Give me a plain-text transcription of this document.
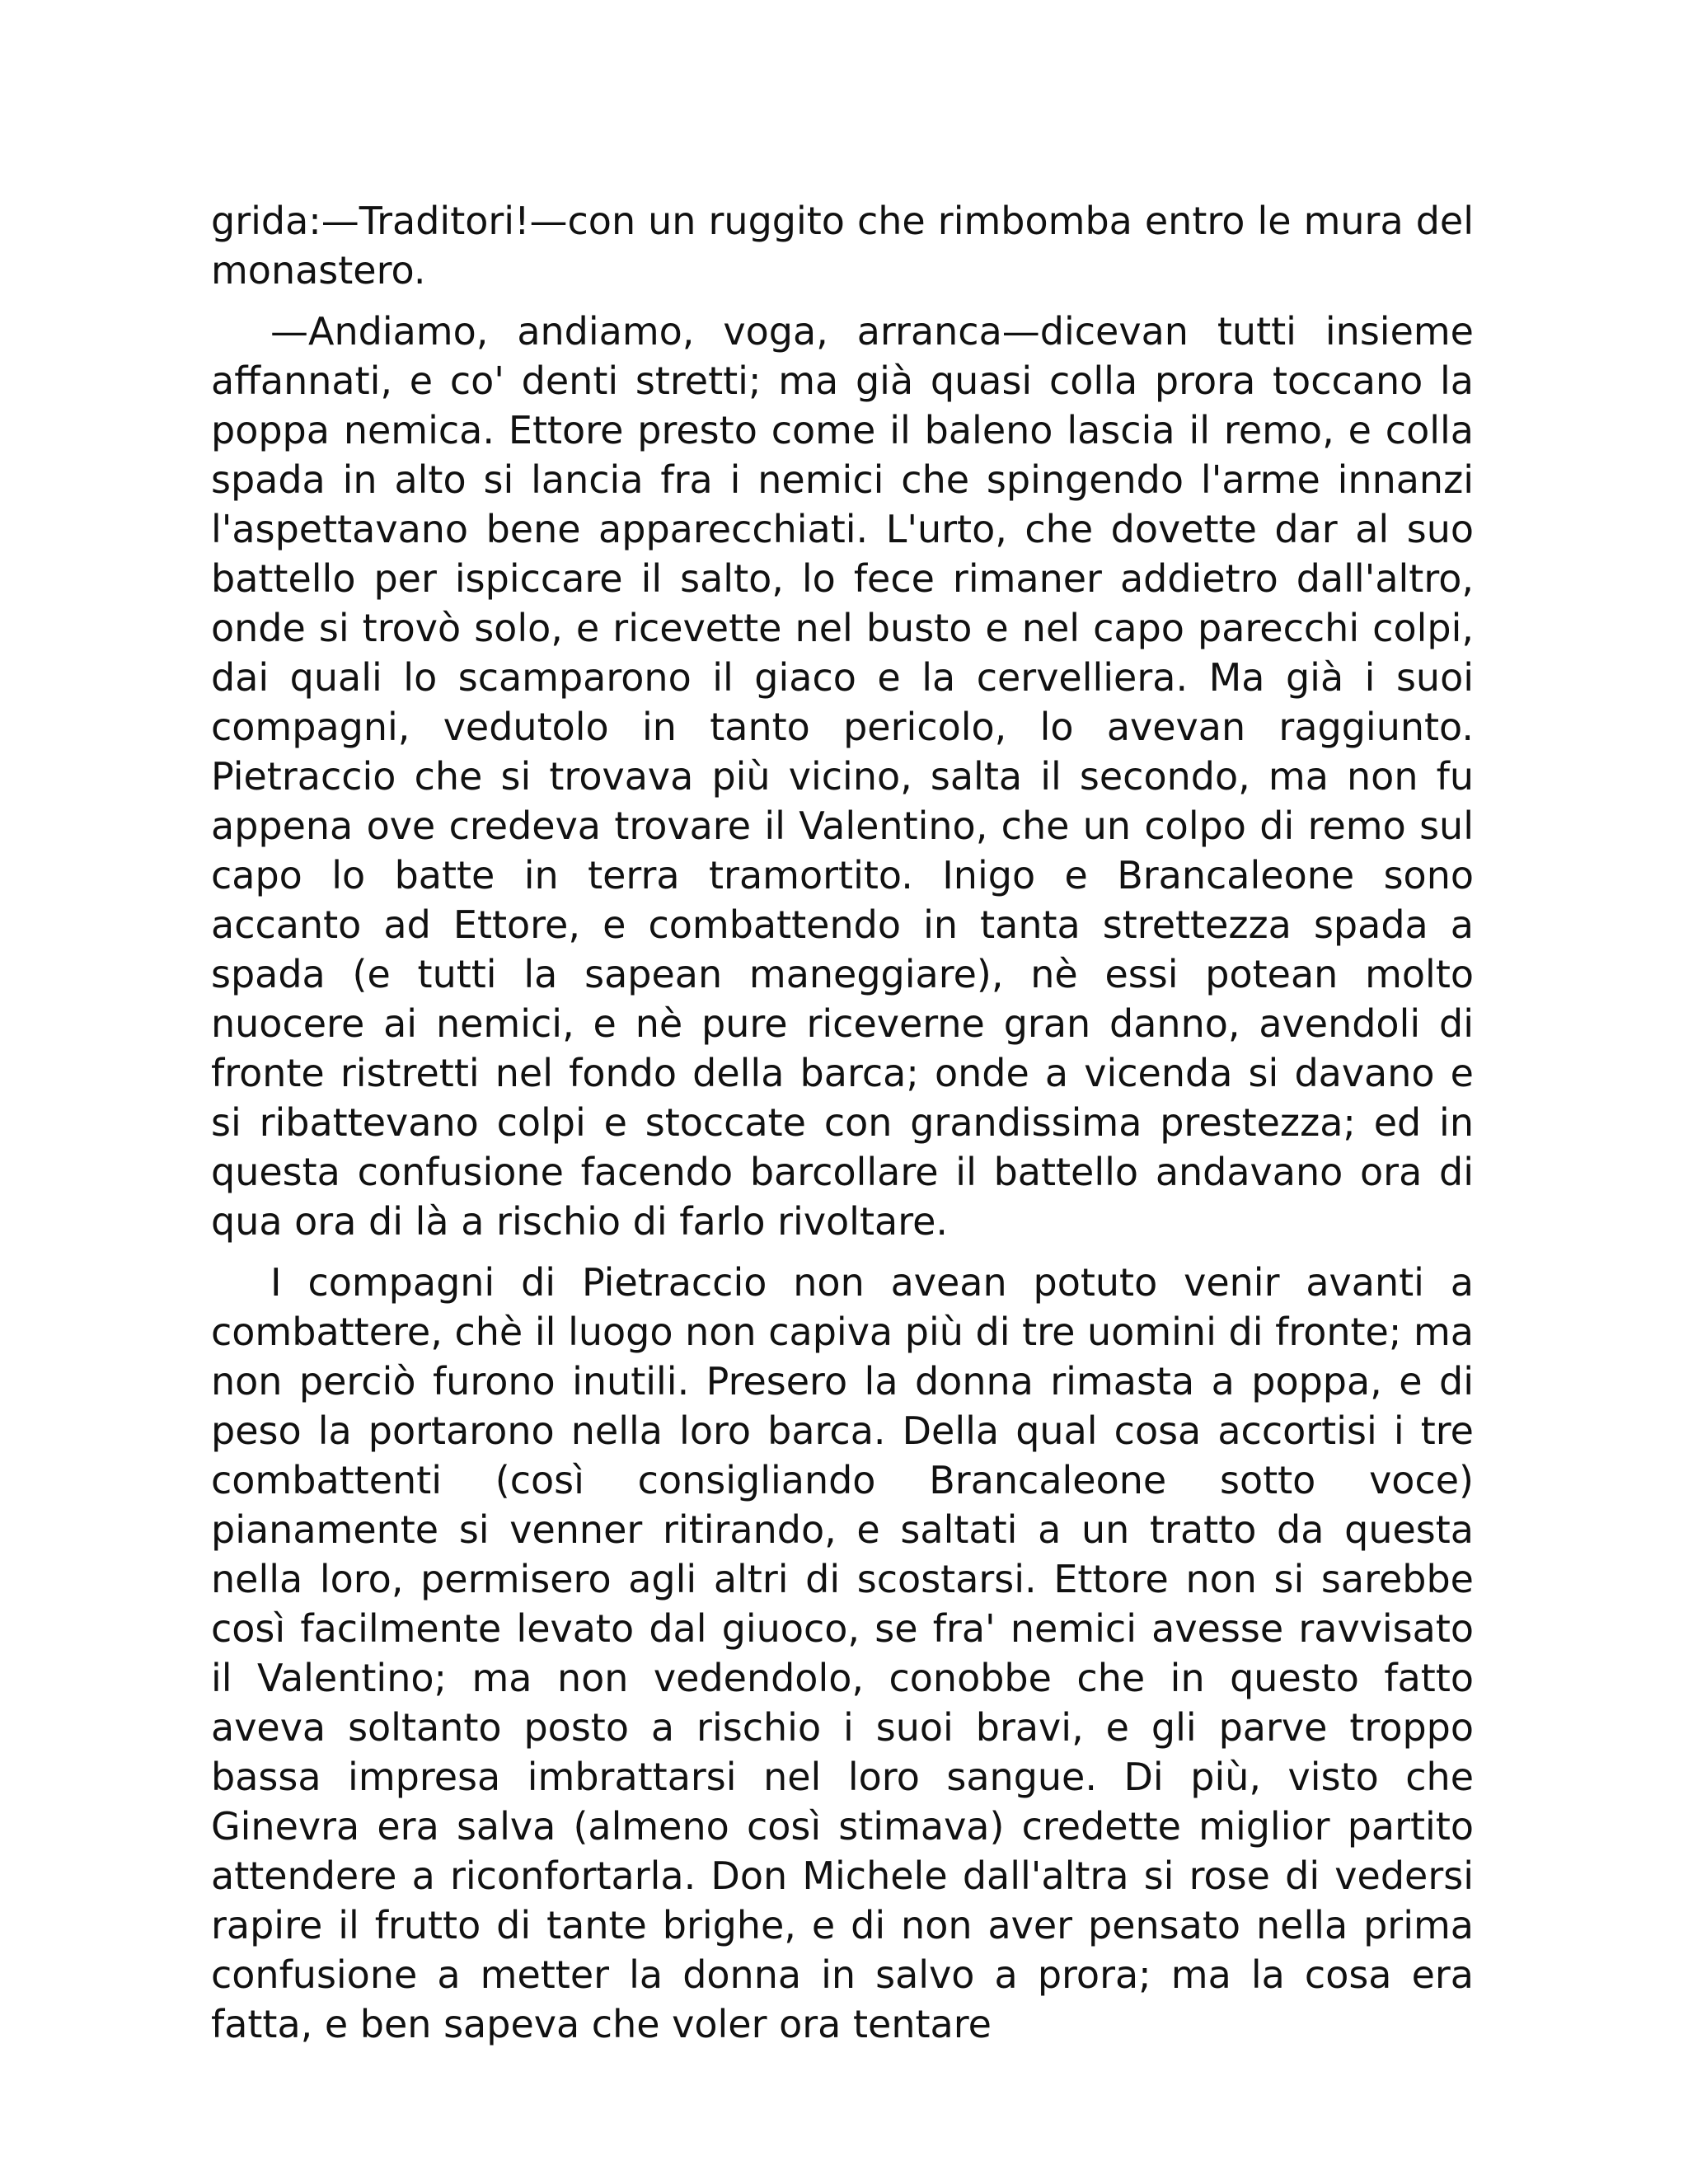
grida:—Traditori!—con un ruggito che rimbomba entro le mura del monastero.

—Andiamo, andiamo, voga, arranca—dicevan tutti insieme affannati, e co' denti stretti; ma già quasi colla prora toccano la poppa nemica. Ettore presto come il baleno lascia il remo, e colla spada in alto si lancia fra i nemici che spingendo l'arme innanzi l'aspettavano bene apparecchiati. L'urto, che dovette dar al suo battello per ispiccare il salto, lo fece rimaner addietro dall'altro, onde si trovò solo, e ricevette nel busto e nel capo parecchi colpi, dai quali lo scamparono il giaco e la cervelliera. Ma già i suoi compagni, vedutolo in tanto pericolo, lo avevan raggiunto. Pietraccio che si trovava più vicino, salta il secondo, ma non fu appena ove credeva trovare il Valentino, che un colpo di remo sul capo lo batte in terra tramortito. Inigo e Brancaleone sono accanto ad Ettore, e combattendo in tanta strettezza spada a spada (e tutti la sapean maneggiare), nè essi potean molto nuocere ai nemici, e nè pure riceverne gran danno, avendoli di fronte ristretti nel fondo della barca; onde a vicenda si davano e si ribattevano colpi e stoccate con grandissima prestezza; ed in questa confusione facendo barcollare il battello andavano ora di qua ora di là a rischio di farlo rivoltare.

I compagni di Pietraccio non avean potuto venir avanti a combattere, chè il luogo non capiva più di tre uomini di fronte; ma non perciò furono inutili. Presero la donna rimasta a poppa, e di peso la portarono nella loro barca. Della qual cosa accortisi i tre combattenti (così consigliando Brancaleone sotto voce) pianamente si venner ritirando, e saltati a un tratto da questa nella loro, permisero agli altri di scostarsi. Ettore non si sarebbe così facilmente levato dal giuoco, se fra' nemici avesse ravvisato il Valentino; ma non vedendolo, conobbe che in questo fatto aveva soltanto posto a rischio i suoi bravi, e gli parve troppo bassa impresa imbrattarsi nel loro sangue. Di più, visto che Ginevra era salva (almeno così stimava) credette miglior partito attendere a riconfortarla. Don Michele dall'altra si rose di vedersi rapire il frutto di tante brighe, e di non aver pensato nella prima confusione a metter la donna in salvo a prora; ma la cosa era fatta, e ben sapeva che voler ora tentare
